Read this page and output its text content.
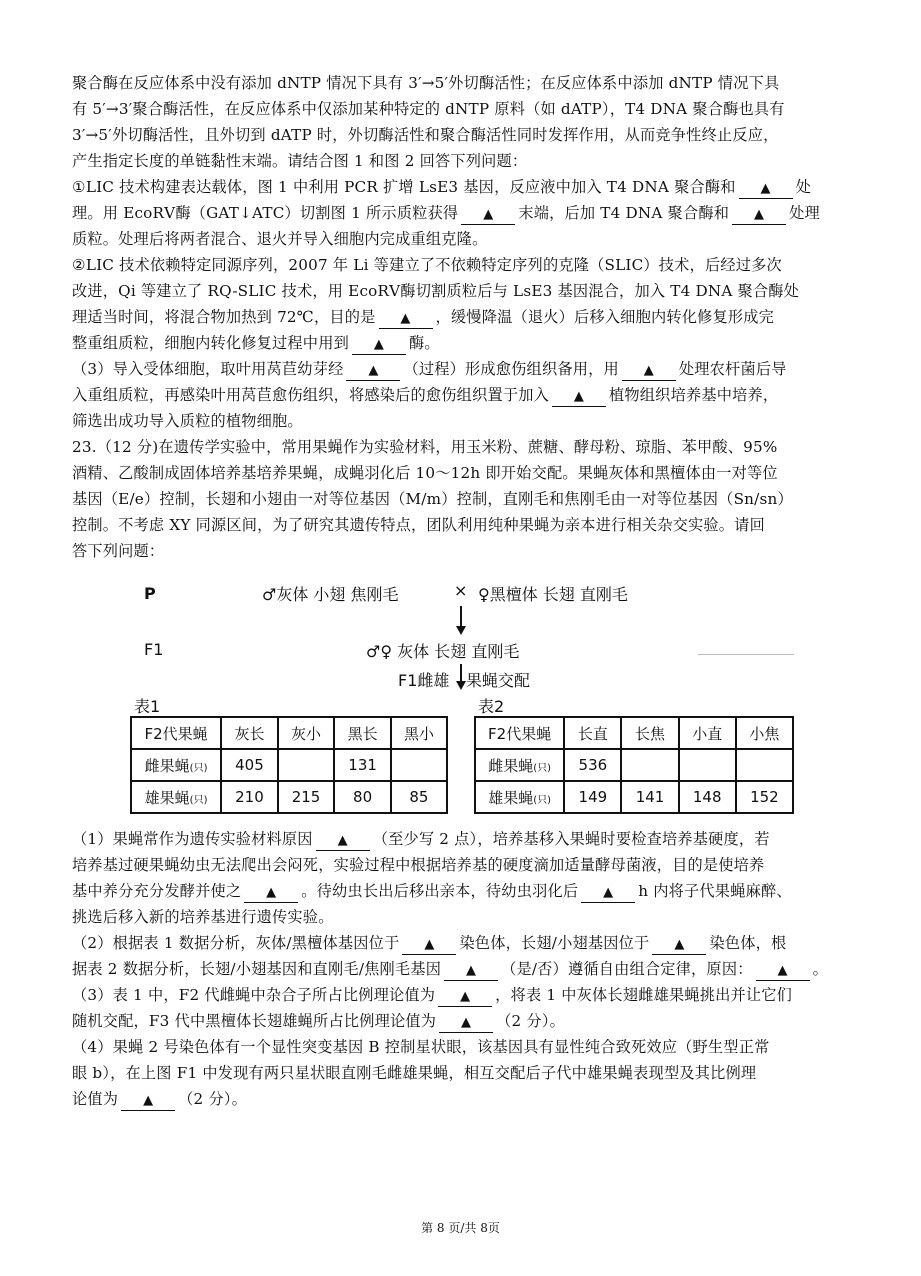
聚合酶在反应体系中没有添加 dNTP 情况下具有 3′→5′外切酶活性；在反应体系中添加 dNTP 情况下具
有 5′→3′聚合酶活性，在反应体系中仅添加某种特定的 dNTP 原料（如 dATP），T4 DNA 聚合酶也具有
3′→5′外切酶活性，且外切到 dATP 时，外切酶活性和聚合酶活性同时发挥作用，从而竞争性终止反应，
产生指定长度的单链黏性末端。请结合图 1 和图 2 回答下列问题：
①LIC 技术构建表达载体，图 1 中利用 PCR 扩增 LsE3 基因，反应液中加入 T4 DNA 聚合酶和 ▲ 处
理。用 EcoRⅤ酶（GAT↓ATC）切割图 1 所示质粒获得 ▲ 末端，后加 T4 DNA 聚合酶和 ▲ 处理
质粒。处理后将两者混合、退火并导入细胞内完成重组克隆。
②LIC 技术依赖特定同源序列，2007 年 Li 等建立了不依赖特定序列的克隆（SLIC）技术，后经过多次
改进，Qi 等建立了 RQ-SLIC 技术，用 EcoRⅤ酶切割质粒后与 LsE3 基因混合，加入 T4 DNA 聚合酶处
理适当时间，将混合物加热到 72℃，目的是 ▲ ，缓慢降温（退火）后移入细胞内转化修复形成完
整重组质粒，细胞内转化修复过程中用到 ▲ 酶。
（3）导入受体细胞，取叶用莴苣幼芽经 ▲ （过程）形成愈伤组织备用，用 ▲ 处理农杆菌后导
入重组质粒，再感染叶用莴苣愈伤组织，将感染后的愈伤组织置于加入 ▲ 植物组织培养基中培养，
筛选出成功导入质粒的植物细胞。
23.（12 分)在遗传学实验中，常用果蝇作为实验材料，用玉米粉、蔗糖、酵母粉、琼脂、苯甲酸、95%
酒精、乙酸制成固体培养基培养果蝇，成蝇羽化后 10～12h 即开始交配。果蝇灰体和黑檀体由一对等位
基因（E/e）控制，长翅和小翅由一对等位基因（M/m）控制，直刚毛和焦刚毛由一对等位基因（Sn/sn）
控制。不考虑 XY 同源区间，为了研究其遗传特点，团队利用纯种果蝇为亲本进行相关杂交实验。请回
答下列问题：
P	♂灰体 小翅 焦刚毛	× ♀黑檀体 长翅 直刚毛
F1	♂♀ 灰体 长翅 直刚毛
F1雌雄 果蝇交配
表1
F2代果蝇	灰长	灰小	黑长	黑小
雌果蝇(只)	405		131	
雄果蝇(只)	210	215	80	85
表2
F2代果蝇	长直	长焦	小直	小焦
雌果蝇(只)	536			
雄果蝇(只)	149	141	148	152
（1）果蝇常作为遗传实验材料原因 ▲ （至少写 2 点），培养基移入果蝇时要检查培养基硬度，若
培养基过硬果蝇幼虫无法爬出会闷死，实验过程中根据培养基的硬度滴加适量酵母菌液，目的是使培养
基中养分充分发酵并使之 ▲ 。待幼虫长出后移出亲本，待幼虫羽化后 ▲ h 内将子代果蝇麻醉、
挑选后移入新的培养基进行遗传实验。
（2）根据表 1 数据分析，灰体/黑檀体基因位于 ▲ 染色体，长翅/小翅基因位于 ▲ 染色体，根
据表 2 数据分析，长翅/小翅基因和直刚毛/焦刚毛基因 ▲ （是/否）遵循自由组合定律，原因： ▲ 。
（3）表 1 中，F2 代雌蝇中杂合子所占比例理论值为 ▲ ，将表 1 中灰体长翅雌雄果蝇挑出并让它们
随机交配，F3 代中黑檀体长翅雄蝇所占比例理论值为 ▲ （2 分）。
（4）果蝇 2 号染色体有一个显性突变基因 B 控制星状眼，该基因具有显性纯合致死效应（野生型正常
眼 b），在上图 F1 中发现有两只星状眼直刚毛雌雄果蝇，相互交配后子代中雄果蝇表现型及其比例理
论值为 ▲ （2 分）。
第 8 页/共 8页
